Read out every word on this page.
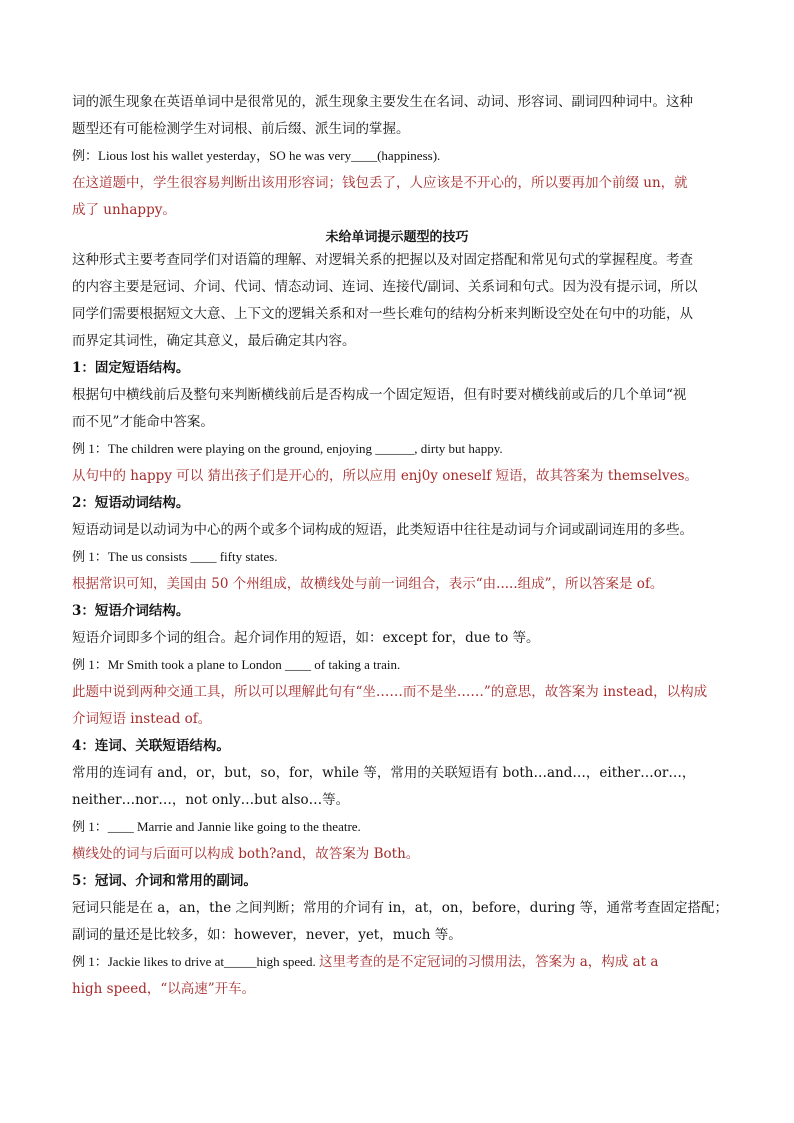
词的派生现象在英语单词中是很常见的，派生现象主要发生在名词、动词、形容词、副词四种词中。这种

题型还有可能检测学生对词根、前后缀、派生词的掌握。

例：Lious lost his wallet yesterday，SO he was very____(happiness).

在这道题中，学生很容易判断出该用形容词；钱包丢了，人应该是不开心的，所以要再加个前缀 un，就

成了 unhappy。

未给单词提示题型的技巧

这种形式主要考查同学们对语篇的理解、对逻辑关系的把握以及对固定搭配和常见句式的掌握程度。考查

的内容主要是冠词、介词、代词、情态动词、连词、连接代/副词、关系词和句式。因为没有提示词，所以

同学们需要根据短文大意、上下文的逻辑关系和对一些长难句的结构分析来判断设空处在句中的功能，从

而界定其词性，确定其意义，最后确定其内容。

1：固定短语结构。

根据句中横线前后及整句来判断横线前后是否构成一个固定短语，但有时要对横线前或后的几个单词“视

而不见”才能命中答案。

例 1：The children were playing on the ground, enjoying ______, dirty but happy.

从句中的 happy 可以 猜出孩子们是开心的，所以应用 enj0y oneself 短语，故其答案为 themselves。

2：短语动词结构。

短语动词是以动词为中心的两个或多个词构成的短语，此类短语中往往是动词与介词或副词连用的多些。

例 1：The us consists ____ fifty states.

根据常识可知，美国由 50 个州组成，故横线处与前一词组合，表示“由.....组成”，所以答案是 of。

3：短语介词结构。

短语介词即多个词的组合。起介词作用的短语，如：except for，due to 等。

例 1：Mr Smith took a plane to London ____ of taking a train.

此题中说到两种交通工具，所以可以理解此句有“坐……而不是坐……”的意思，故答案为 instead，以构成

介词短语 instead of。

4：连词、关联短语结构。

常用的连词有 and，or，but，so，for，while 等，常用的关联短语有 both…and…，either…or…，

neither…nor…，not only…but also…等。

例 1：____ Marrie and Jannie like going to the theatre.

横线处的词与后面可以构成 both?and，故答案为 Both。

5：冠词、介词和常用的副词。

冠词只能是在 a，an，the 之间判断；常用的介词有 in，at，on，before，during 等，通常考查固定搭配；

副词的量还是比较多，如：however，never，yet，much 等。

例 1：Jackie likes to drive at_____high speed. 这里考查的是不定冠词的习惯用法，答案为 a，构成 at a

high speed，“以高速”开车。
